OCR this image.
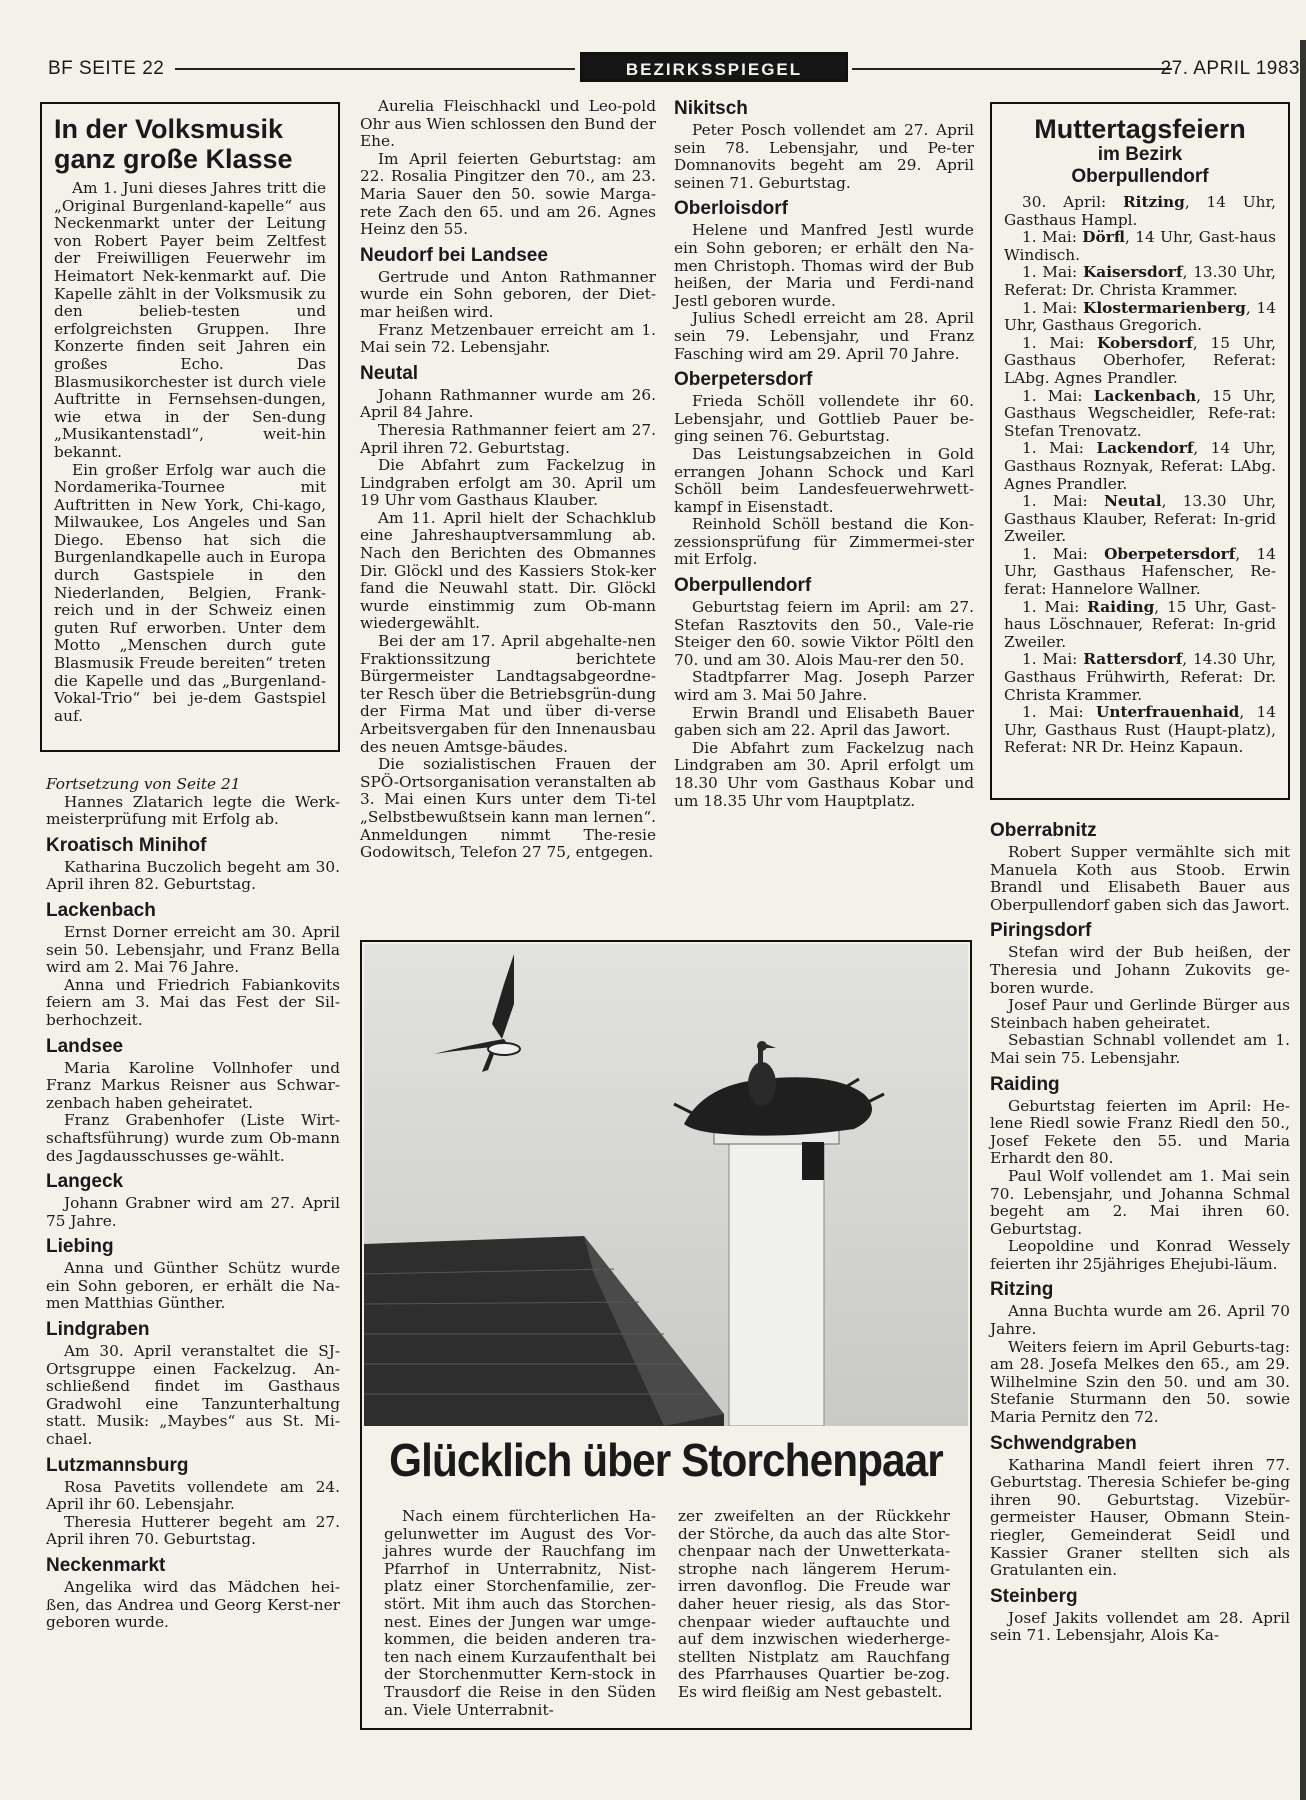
BF SEITE 22	BEZIRKSSPIEGEL	27. APRIL 1983
In der Volksmusik ganz große Klasse

Am 1. Juni dieses Jahres tritt die „Original Burgenland-kapelle“ aus Neckenmarkt unter der Leitung von Robert Payer beim Zeltfest der Freiwilligen Feuerwehr im Heimatort Nek-kenmarkt auf. Die Kapelle zählt in der Volksmusik zu den belieb-testen und erfolgreichsten Gruppen. Ihre Konzerte finden seit Jahren ein großes Echo. Das Blasmusikorchester ist durch viele Auftritte in Fernsehsen-dungen, wie etwa in der Sen-dung „Musikantenstadl“, weit-hin bekannt.

Ein großer Erfolg war auch die Nordamerika-Tournee mit Auftritten in New York, Chi-kago, Milwaukee, Los Angeles und San Diego. Ebenso hat sich die Burgenlandkapelle auch in Europa durch Gastspiele in den Niederlanden, Belgien, Frank-reich und in der Schweiz einen guten Ruf erworben. Unter dem Motto „Menschen durch gute Blasmusik Freude bereiten“ treten die Kapelle und das „Burgenland-Vokal-Trio“ bei je-dem Gastspiel auf.

Fortsetzung von Seite 21

Hannes Zlatarich legte die Werk-meisterprüfung mit Erfolg ab.

Kroatisch Minihof

Katharina Buczolich begeht am 30. April ihren 82. Geburtstag.

Lackenbach

Ernst Dorner erreicht am 30. April sein 50. Lebensjahr, und Franz Bella wird am 2. Mai 76 Jahre.

Anna und Friedrich Fabiankovits feiern am 3. Mai das Fest der Sil-berhochzeit.

Landsee

Maria Karoline Vollnhofer und Franz Markus Reisner aus Schwar-zenbach haben geheiratet.

Franz Grabenhofer (Liste Wirt-schaftsführung) wurde zum Ob-mann des Jagdausschusses ge-wählt.

Langeck

Johann Grabner wird am 27. April 75 Jahre.

Liebing

Anna und Günther Schütz wurde ein Sohn geboren, er erhält die Na-men Matthias Günther.

Lindgraben

Am 30. April veranstaltet die SJ-Ortsgruppe einen Fackelzug. An-schließend findet im Gasthaus Gradwohl eine Tanzunterhaltung statt. Musik: „Maybes“ aus St. Mi-chael.

Lutzmannsburg

Rosa Pavetits vollendete am 24. April ihr 60. Lebensjahr.

Theresia Hutterer begeht am 27. April ihren 70. Geburtstag.

Neckenmarkt

Angelika wird das Mädchen hei-ßen, das Andrea und Georg Kerst-ner geboren wurde.

Aurelia Fleischhackl und Leo-pold Ohr aus Wien schlossen den Bund der Ehe.

Im April feierten Geburtstag: am 22. Rosalia Pingitzer den 70., am 23. Maria Sauer den 50. sowie Marga-rete Zach den 65. und am 26. Agnes Heinz den 55.

Neudorf bei Landsee

Gertrude und Anton Rathmanner wurde ein Sohn geboren, der Diet-mar heißen wird.

Franz Metzenbauer erreicht am 1. Mai sein 72. Lebensjahr.

Neutal

Johann Rathmanner wurde am 26. April 84 Jahre.

Theresia Rathmanner feiert am 27. April ihren 72. Geburtstag.

Die Abfahrt zum Fackelzug in Lindgraben erfolgt am 30. April um 19 Uhr vom Gasthaus Klauber.

Am 11. April hielt der Schachklub eine Jahreshauptversammlung ab. Nach den Berichten des Obmannes Dir. Glöckl und des Kassiers Stok-ker fand die Neuwahl statt. Dir. Glöckl wurde einstimmig zum Ob-mann wiedergewählt.

Bei der am 17. April abgehalte-nen Fraktionssitzung berichtete Bürgermeister Landtagsabgeordne-ter Resch über die Betriebsgrün-dung der Firma Mat und über di-verse Arbeitsvergaben für den Innenausbau des neuen Amtsge-bäudes.

Die sozialistischen Frauen der SPÖ-Ortsorganisation veranstalten ab 3. Mai einen Kurs unter dem Ti-tel „Selbstbewußtsein kann man lernen“. Anmeldungen nimmt The-resie Godowitsch, Telefon 27 75, entgegen.

Nikitsch

Peter Posch vollendet am 27. April sein 78. Lebensjahr, und Pe-ter Domnanovits begeht am 29. April seinen 71. Geburtstag.

Oberloisdorf

Helene und Manfred Jestl wurde ein Sohn geboren; er erhält den Na-men Christoph. Thomas wird der Bub heißen, der Maria und Ferdi-nand Jestl geboren wurde.

Julius Schedl erreicht am 28. April sein 79. Lebensjahr, und Franz Fasching wird am 29. April 70 Jahre.

Oberpetersdorf

Frieda Schöll vollendete ihr 60. Lebensjahr, und Gottlieb Pauer be-ging seinen 76. Geburtstag.

Das Leistungsabzeichen in Gold errangen Johann Schock und Karl Schöll beim Landesfeuerwehrwett-kampf in Eisenstadt.

Reinhold Schöll bestand die Kon-zessionsprüfung für Zimmermei-ster mit Erfolg.

Oberpullendorf

Geburtstag feiern im April: am 27. Stefan Rasztovits den 50., Vale-rie Steiger den 60. sowie Viktor Pöltl den 70. und am 30. Alois Mau-rer den 50.

Stadtpfarrer Mag. Joseph Parzer wird am 3. Mai 50 Jahre.

Erwin Brandl und Elisabeth Bauer gaben sich am 22. April das Jawort.

Die Abfahrt zum Fackelzug nach Lindgraben am 30. April erfolgt um 18.30 Uhr vom Gasthaus Kobar und um 18.35 Uhr vom Hauptplatz.

Muttertagsfeiern
im Bezirk
Oberpullendorf

30. April: Ritzing, 14 Uhr, Gasthaus Hampl.

1. Mai: Dörfl, 14 Uhr, Gast-haus Windisch.

1. Mai: Kaisersdorf, 13.30 Uhr, Referat: Dr. Christa Krammer.

1. Mai: Klostermarienberg, 14 Uhr, Gasthaus Gregorich.

1. Mai: Kobersdorf, 15 Uhr, Gasthaus Oberhofer, Referat: LAbg. Agnes Prandler.

1. Mai: Lackenbach, 15 Uhr, Gasthaus Wegscheidler, Refe-rat: Stefan Trenovatz.

1. Mai: Lackendorf, 14 Uhr, Gasthaus Roznyak, Referat: LAbg. Agnes Prandler.

1. Mai: Neutal, 13.30 Uhr, Gasthaus Klauber, Referat: In-grid Zweiler.

1. Mai: Oberpetersdorf, 14 Uhr, Gasthaus Hafenscher, Re-ferat: Hannelore Wallner.

1. Mai: Raiding, 15 Uhr, Gast-haus Löschnauer, Referat: In-grid Zweiler.

1. Mai: Rattersdorf, 14.30 Uhr, Gasthaus Frühwirth, Referat: Dr. Christa Krammer.

1. Mai: Unterfrauenhaid, 14 Uhr, Gasthaus Rust (Haupt-platz), Referat: NR Dr. Heinz Kapaun.

Oberrabnitz

Robert Supper vermählte sich mit Manuela Koth aus Stoob. Erwin Brandl und Elisabeth Bauer aus Oberpullendorf gaben sich das Jawort.

Piringsdorf

Stefan wird der Bub heißen, der Theresia und Johann Zukovits ge-boren wurde.

Josef Paur und Gerlinde Bürger aus Steinbach haben geheiratet.

Sebastian Schnabl vollendet am 1. Mai sein 75. Lebensjahr.

Raiding

Geburtstag feierten im April: He-lene Riedl sowie Franz Riedl den 50., Josef Fekete den 55. und Maria Erhardt den 80.

Paul Wolf vollendet am 1. Mai sein 70. Lebensjahr, und Johanna Schmal begeht am 2. Mai ihren 60. Geburtstag.

Leopoldine und Konrad Wessely feierten ihr 25jähriges Ehejubi-läum.

Ritzing

Anna Buchta wurde am 26. April 70 Jahre.

Weiters feiern im April Geburts-tag: am 28. Josefa Melkes den 65., am 29. Wilhelmine Szin den 50. und am 30. Stefanie Sturmann den 50. sowie Maria Pernitz den 72.

Schwendgraben

Katharina Mandl feiert ihren 77. Geburtstag. Theresia Schiefer be-ging ihren 90. Geburtstag. Vizebür-germeister Hauser, Obmann Stein-riegler, Gemeinderat Seidl und Kassier Graner stellten sich als Gratulanten ein.

Steinberg

Josef Jakits vollendet am 28. April sein 71. Lebensjahr, Alois Ka-

Glücklich über Storchenpaar

Nach einem fürchterlichen Ha-gelunwetter im August des Vor-jahres wurde der Rauchfang im Pfarrhof in Unterrabnitz, Nist-platz einer Storchenfamilie, zer-stört. Mit ihm auch das Storchen-nest. Eines der Jungen war umge-kommen, die beiden anderen tra-ten nach einem Kurzaufenthalt bei der Storchenmutter Kern-stock in Trausdorf die Reise in den Süden an. Viele Unterrabnit-

zer zweifelten an der Rückkehr der Störche, da auch das alte Stor-chenpaar nach der Unwetterkata-strophe nach längerem Herum-irren davonflog. Die Freude war daher heuer riesig, als das Stor-chenpaar wieder auftauchte und auf dem inzwischen wiederherge-stellten Nistplatz am Rauchfang des Pfarrhauses Quartier be-zog. Es wird fleißig am Nest gebastelt.
